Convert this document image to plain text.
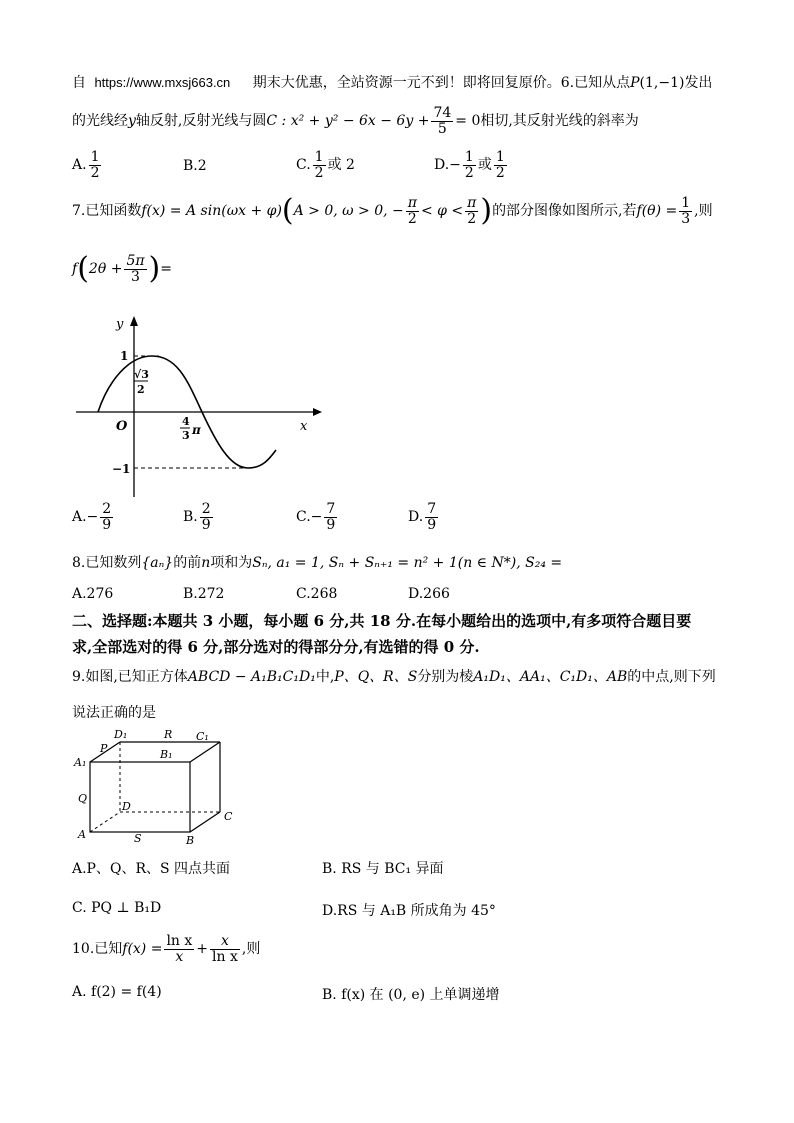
自 https://www.mxsj663.cn 期末大优惠，全站资源一元不到！即将回复原价。6.已知从点P(1,−1)发出
的光线经y轴反射,反射光线与圆C : $x^2 + y^2 - 6x - 6y + \frac{74}{5} = 0$相切,其反射光线的斜率为
A. $\frac{1}{2}$	B.2	C. $\frac{1}{2}$ 或 2	$D.- \frac{1}{2}$ 或 $\frac{1}{2}$
7.已知函数f(x) = A sin(ωx + φ)(A > 0, ω > 0, − $\frac{\pi}{2} < \varphi < \frac{\pi}{2}$ )的部分图像如图所示,若$f(\theta) = \frac{1}{3}$ ,则
$f(2\theta + \frac{5\pi}{3}$ )=
y
x
O
1
−1
√3
2
4
3 π
$A.- \frac{2}{9}$	B. $\frac{2}{9}$	$C.- \frac{7}{9}$	D. $\frac{7}{9}$
8.已知数列{aₙ}的前n项和为Sₙ, a₁ = 1, Sₙ + Sₙ₊₁ = n² + 1(n ∈ N*), S₂₄ =
A.276	B.272	C.268	D.266
二、选择题:本题共 3 小题，每小题 6 分,共 18 分.在每小题给出的选项中,有多项符合题目要
求,全部选对的得 6 分,部分选对的得部分分,有选错的得 0 分.
9.如图,已知正方体ABCD − A₁B₁C₁D₁中,P、Q、R、S分别为棱A₁D₁、AA₁、C₁D₁、AB的中点,则下列
说法正确的是
A₁
P
D₁	R C₁
B₁
Q
D
C
A	S	B
A.P、Q、R、S 四点共面	B. RS 与 BC₁ 异面
C. PQ ⊥ B₁D	D.RS 与 A₁B 所成角为 45°
10.已知$f(x) = \frac{\text{ln x}}{x} + \frac{x}{\text{ln x}}$ ,则
A. f(2) = f(4)	B. f(x) 在 (0, e) 上单调递增
